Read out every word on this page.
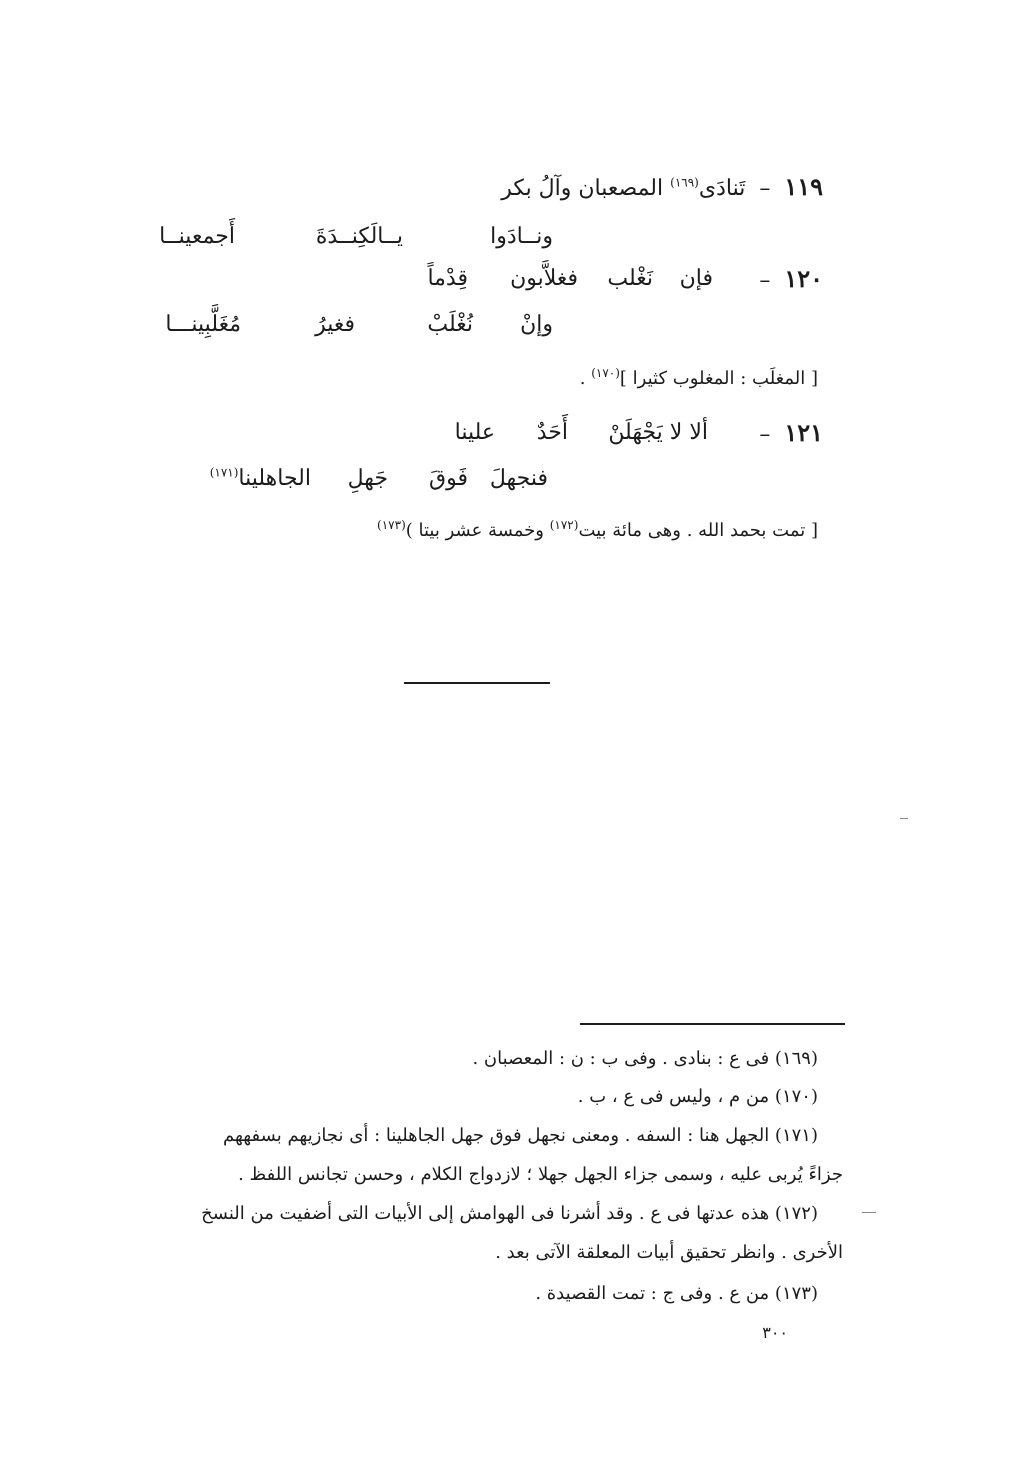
١١٩–تَنادَى$^{(١٦٩)}$ المصعبان وآلُ بكر
ونــادَوا
يــالَكِنــدَةَ
أَجمعينــا
١٢٠–
فإن
نَغْلب
فغلاَّبون
قِدْماً
وإنْ
نُغْلَبْ
فغيرُ
مُغَلَّبِينـــا
[ المغلَب : المغلوب كثيرا ]$^{(١٧٠)}$ .
١٢١–
ألا لا يَجْهَلَنْ
أَحَدٌ
علينا
فنجهلَ
فَوقَ
جَهلِ
الجاهلينا$^{(١٧١)}$
[ تمت بحمد الله . وهى مائة بيت$^{(١٧٢)}$ وخمسة عشر بيتا )$^{(١٧٣)}$
(١٦٩) فى ع : بنادى . وفى ب : ن : المعصبان .
(١٧٠) من م ، وليس فى ع ، ب .
(١٧١) الجهل هنا : السفه . ومعنى نجهل فوق جهل الجاهلينا : أى نجازيهم بسفههم
جزاءً يُربى عليه ، وسمى جزاء الجهل جهلا ؛ لازدواج الكلام ، وحسن تجانس اللفظ .
(١٧٢) هذه عدتها فى ع . وقد أشرنا فى الهوامش إلى الأبيات التى أضفيت من النسخ
الأخرى . وانظر تحقيق أبيات المعلقة الآتى بعد .
(١٧٣) من ع . وفى ج : تمت القصيدة .
٣٠٠
